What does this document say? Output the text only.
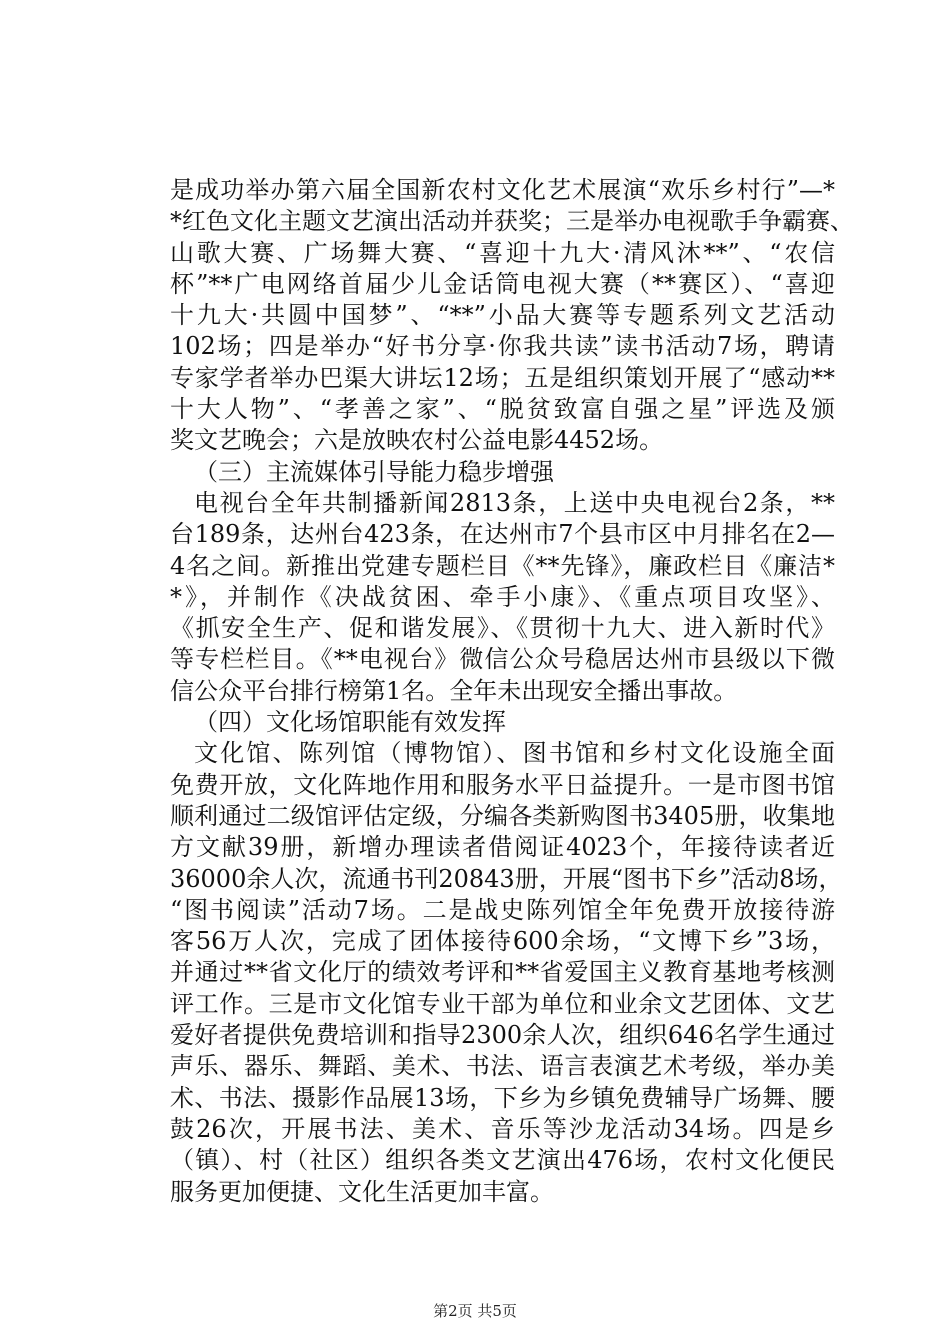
是成功举办第六届全国新农村文化艺术展演“欢乐乡村行”—*
*红色文化主题文艺演出活动并获奖；三是举办电视歌手争霸赛、
山歌大赛、广场舞大赛、“喜迎十九大·清风沐**”、“农信
杯”**广电网络首届少儿金话筒电视大赛（**赛区）、“喜迎
十九大·共圆中国梦”、“**”小品大赛等专题系列文艺活动
102场；四是举办“好书分享·你我共读”读书活动7场，聘请
专家学者举办巴渠大讲坛12场；五是组织策划开展了“感动**
十大人物”、“孝善之家”、“脱贫致富自强之星”评选及颁
奖文艺晚会；六是放映农村公益电影4452场。
（三）主流媒体引导能力稳步增强
电视台全年共制播新闻2813条，上送中央电视台2条，**
台189条，达州台423条，在达州市7个县市区中月排名在2—
4名之间。新推出党建专题栏目《**先锋》，廉政栏目《廉洁*
*》，并制作《决战贫困、牵手小康》、《重点项目攻坚》、
《抓安全生产、促和谐发展》、《贯彻十九大、进入新时代》
等专栏栏目。《**电视台》微信公众号稳居达州市县级以下微
信公众平台排行榜第1名。全年未出现安全播出事故。
（四）文化场馆职能有效发挥
文化馆、陈列馆（博物馆）、图书馆和乡村文化设施全面
免费开放，文化阵地作用和服务水平日益提升。一是市图书馆
顺利通过二级馆评估定级，分编各类新购图书3405册，收集地
方文献39册，新增办理读者借阅证4023个，年接待读者近
36000余人次，流通书刊20843册，开展“图书下乡”活动8场，
“图书阅读”活动7场。二是战史陈列馆全年免费开放接待游
客56万人次，完成了团体接待600余场，“文博下乡”3场，
并通过**省文化厅的绩效考评和**省爱国主义教育基地考核测
评工作。三是市文化馆专业干部为单位和业余文艺团体、文艺
爱好者提供免费培训和指导2300余人次，组织646名学生通过
声乐、器乐、舞蹈、美术、书法、语言表演艺术考级，举办美
术、书法、摄影作品展13场，下乡为乡镇免费辅导广场舞、腰
鼓26次，开展书法、美术、音乐等沙龙活动34场。四是乡
（镇）、村（社区）组织各类文艺演出476场，农村文化便民
服务更加便捷、文化生活更加丰富。
第2页 共5页
